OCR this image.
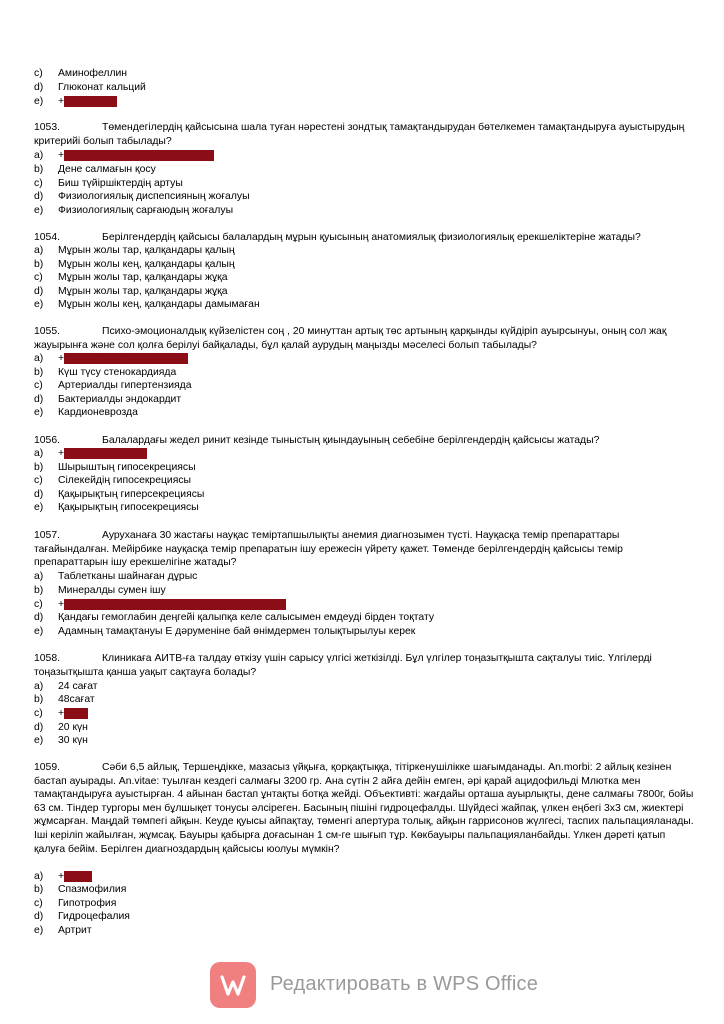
c) Аминофеллин
d) Глюконат кальций
e) +Амброксол
1053.	Төмендегілердің қайсысына шала туған нәрестені зондтық тамақтандырудан бөтелкемен тамақтандыруға ауыстырудың критерийі болып табылады?
a) +Сору рефлексінің пайда болуы
b) Дене салмағын қосу
c) Биш түйіршіктердің артуы
d) Физиологиялық диспепсияның жоғалуы
e) Физиологиялық сарғаюдың жоғалуы
1054.	Берілгендердің қайсысы балалардың мұрын қуысының анатомиялық физиологиялық ерекшеліктеріне жатады?
a) Мұрын жолы тар, қалқандары қалың
b) Мұрын жолы кең, қалқандары қалың
c) Мұрын жолы тар, қалқандары жұқа
d) Мұрын жолы тар, қалқандары жұқа
e) Мұрын жолы кең, қалқандары дамымаған
1055.	Психо-эмоционалдық күйзелістен соң , 20 минуттан артық төс артының қарқынды күйдіріп ауырсынуы, оның сол жақ жауырынға және сол қолға берілуі байқалады, бұл қалай аурудың маңызды мәселесі болып табылады?
a) +Миокард инфарктысында
b) Күш түсу стенокардияда
c) Артериалды гипертензияда
d) Бактериалды эндокардит
e) Кардионеврозда
1056.	Балалардағы жедел ринит кезінде тыныстың қиындауының себебіне берілгендердің қайсысы жатады?
a) +Шырыштың ісінуі
b) Шырыштың гипосекрециясы
c) Сілекейдің гипосекрециясы
d) Қақырықтың гиперсекрециясы
e) Қақырықтың гипосекрециясы
1057.	Ауруханаға 30 жастағы науқас теміртапшылықты анемия диагнозымен түсті. Науқасқа темір препараттары тағайындалған. Мейірбике науқасқа темір препаратын ішу ережесін үйрету қажет. Төменде берілгендердің қайсысы темір препараттарын ішу ерекшелігіне жатады?
a) Таблетканы шайнаған дұрыс
b) Минералды сумен ішу
c) +Таблетканы шайнамай түтікшемен жұту керек
d) Қандағы гемоглабин деңгейі қалыпқа келе салысымен емдеуді бірден тоқтату
e) Адамның тамақтануы Е дәруменіне бай өнімдермен толықтырылуы керек
1058.	Клиникаға АИТВ-ға талдау өткізу үшін сарысу үлгісі жеткізілді. Бұл үлгілер тоңазытқышта сақталуы тиіс. Үлгілерді тоңазытқышта қанша уақыт сақтауға болады?
a) 24 сағат
b) 48сағат
c) +7 күн
d) 20 күн
e) 30 күн
1059.	Сәби 6,5 айлық, Тершеңдікке, мазасыз үйқыға, қорқақтыққа, тітіркенушілікке шағымданады. An.morbi: 2 айлық кезінен бастап ауырады. An.vitae: туылған кездегі салмағы 3200 гр. Ана сүтін 2 айға дейін емген, әрі қарай ацидофильді Млютка мен тамақтандыруға ауыстырған. 4 айынан бастап ұнтақты ботқа жейді. Объективті: жағдайы орташа ауырлықты, дене салмағы 7800г, бойы 63 см. Тіндер тургоры мен бұлшықет тонусы әлсіреген. Басының пішіні гидроцефалды. Шүйдесі жайпақ, үлкен еңбегі 3х3 см, жиектері жұмсарған. Маңдай төмпегі айқын. Кеуде қуысы айпақтау, төменгі апертура толық, айқын гаррисонов жүлгесі, таспих пальпацияланады. Іші керіліп жайылған, жұмсақ. Бауыры қабырға доғасынан 1 см-ге шығып тұр. Көкбауыры пальпацияланбайды. Үлкен дәреті қатып қалуға бейім. Берілген диагноздардың қайсысы юолуы мүмкін?
a) +Рахит
b) Спазмофилия
c) Гипотрофия
d) Гидроцефалия
e) Артрит
Редактировать в WPS Office
